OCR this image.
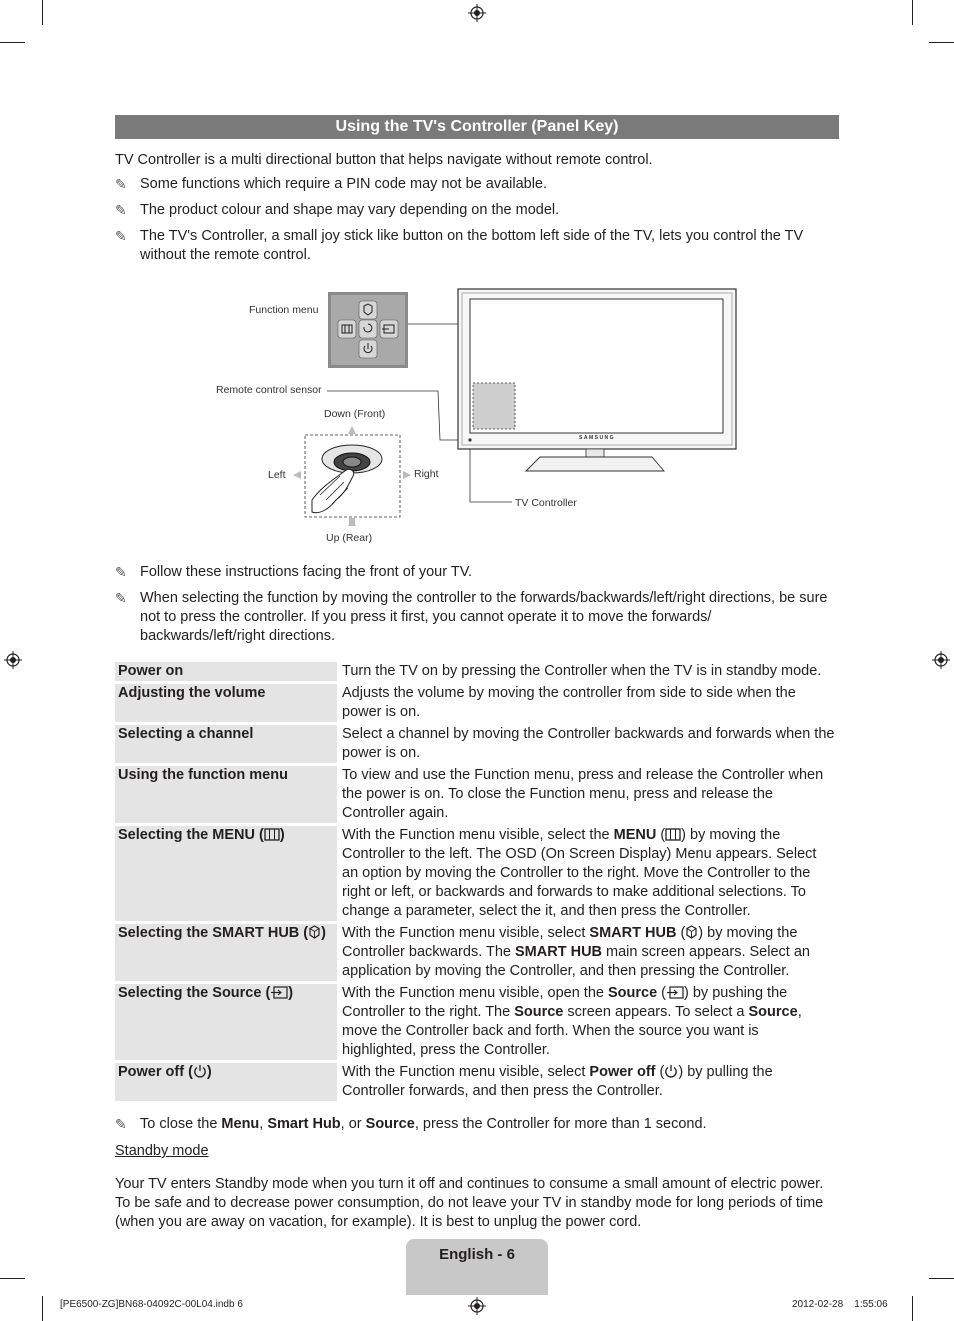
Using the TV's Controller (Panel Key)
TV Controller is a multi directional button that helps navigate without remote control.
✎ Some functions which require a PIN code may not be available.
✎ The product colour and shape may vary depending on the model.
✎ The TV's Controller, a small joy stick like button on the bottom left side of the TV, lets you control the TV without the remote control.
Function menu
Remote control sensor
Down (Front)
Up (Rear)
Left	Right
TV Controller
SAMSUNG
✎ Follow these instructions facing the front of your TV.
✎ When selecting the function by moving the controller to the forwards/backwards/left/right directions, be sure not to press the controller. If you press it first, you cannot operate it to move the forwards/ backwards/left/right directions.
Power on	Turn the TV on by pressing the Controller when the TV is in standby mode.
Adjusting the volume	Adjusts the volume by moving the controller from side to side when the power is on.
Selecting a channel	Select a channel by moving the Controller backwards and forwards when the power is on.
Using the function menu	To view and use the Function menu, press and release the Controller when the power is on. To close the Function menu, press and release the Controller again.
Selecting the MENU ( )	With the Function menu visible, select the MENU ( ) by moving the Controller to the left. The OSD (On Screen Display) Menu appears. Select an option by moving the Controller to the right. Move the Controller to the right or left, or backwards and forwards to make additional selections. To change a parameter, select the it, and then press the Controller.
Selecting the SMART HUB ( )	With the Function menu visible, select SMART HUB ( ) by moving the Controller backwards. The SMART HUB main screen appears. Select an application by moving the Controller, and then pressing the Controller.
Selecting the Source ( )	With the Function menu visible, open the Source ( ) by pushing the Controller to the right. The Source screen appears. To select a Source, move the Controller back and forth. When the source you want is highlighted, press the Controller.
Power off ( )	With the Function menu visible, select Power off ( ) by pulling the Controller forwards, and then press the Controller.
✎ To close the Menu, Smart Hub, or Source, press the Controller for more than 1 second.
Standby mode
Your TV enters Standby mode when you turn it off and continues to consume a small amount of electric power. To be safe and to decrease power consumption, do not leave your TV in standby mode for long periods of time (when you are away on vacation, for example). It is best to unplug the power cord.
English - 6
[PE6500-ZG]BN68-04092C-00L04.indb 6	2012-02-28    1:55:06
